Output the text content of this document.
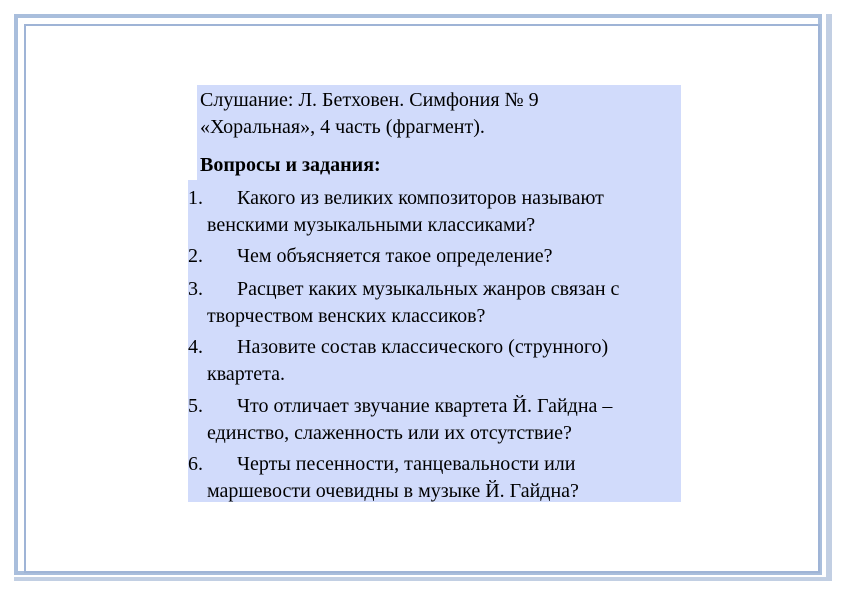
Слушание: Л. Бетховен. Симфония № 9
«Хоральная», 4 часть (фрагмент).
Вопросы и задания:
1. Какого из великих композиторов называют
венскими музыкальными классиками?
2. Чем объясняется такое определение?
3. Расцвет каких музыкальных жанров связан с
творчеством венских классиков?
4. Назовите состав классического (струнного)
квартета.
5. Что отличает звучание квартета Й. Гайдна –
единство, слаженность или их отсутствие?
6. Черты песенности, танцевальности или
маршевости очевидны в музыке Й. Гайдна?
